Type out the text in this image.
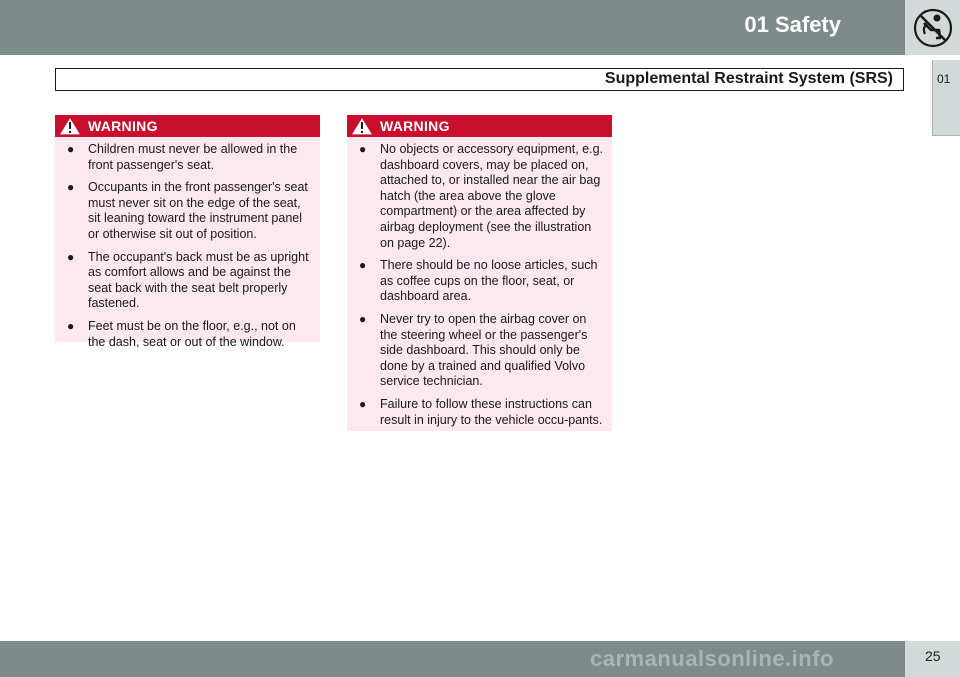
01 Safety
Supplemental Restraint System (SRS)	01
WARNING
● Children must never be allowed in the front passenger's seat.
● Occupants in the front passenger's seat must never sit on the edge of the seat, sit leaning toward the instrument panel or otherwise sit out of position.
● The occupant's back must be as upright as comfort allows and be against the seat back with the seat belt properly fastened.
● Feet must be on the floor, e.g., not on the dash, seat or out of the window.
WARNING
● No objects or accessory equipment, e.g. dashboard covers, may be placed on, attached to, or installed near the air bag hatch (the area above the glove compartment) or the area affected by airbag deployment (see the illustration on page 22).
● There should be no loose articles, such as coffee cups on the floor, seat, or dashboard area.
● Never try to open the airbag cover on the steering wheel or the passenger's side dashboard. This should only be done by a trained and qualified Volvo service technician.
● Failure to follow these instructions can result in injury to the vehicle occu-pants.
carmanualsonline.info	25
